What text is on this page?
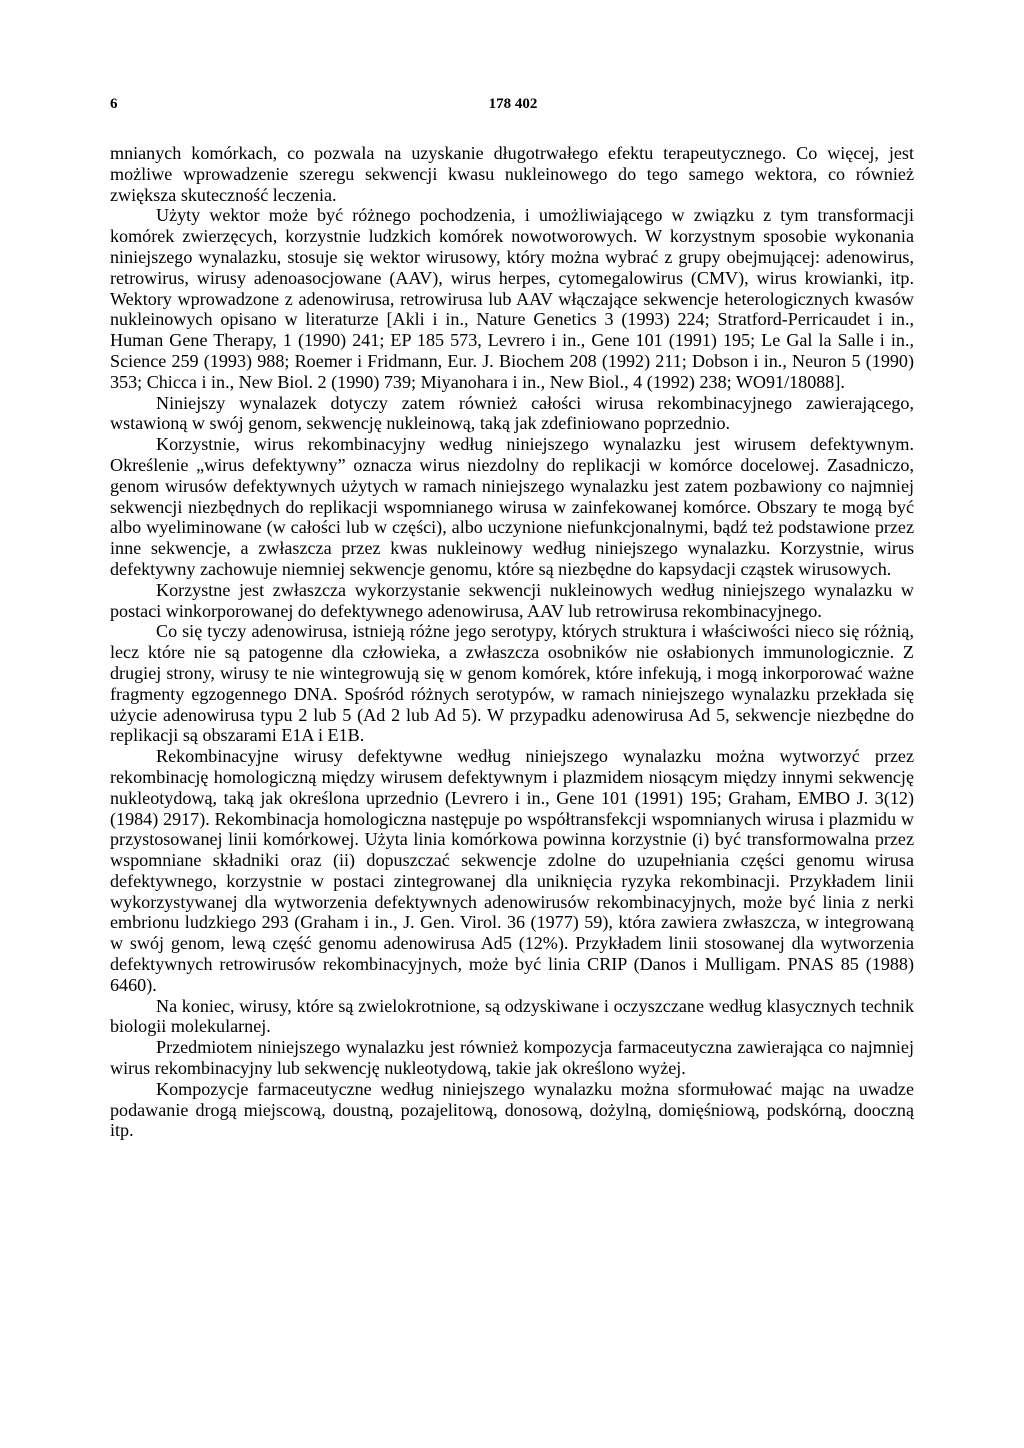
6	178 402

mnianych komórkach, co pozwala na uzyskanie długotrwałego efektu terapeutycznego. Co więcej, jest możliwe wprowadzenie szeregu sekwencji kwasu nukleinowego do tego samego wektora, co również zwiększa skuteczność leczenia.

Użyty wektor może być różnego pochodzenia, i umożliwiającego w związku z tym transformacji komórek zwierzęcych, korzystnie ludzkich komórek nowotworowych. W korzystnym sposobie wykonania niniejszego wynalazku, stosuje się wektor wirusowy, który można wybrać z grupy obejmującej: adenowirus, retrowirus, wirusy adenoasocjowane (AAV), wirus herpes, cytomegalowirus (CMV), wirus krowianki, itp. Wektory wprowadzone z adenowirusa, retrowirusa lub AAV włączające sekwencje heterologicznych kwasów nukleinowych opisano w literaturze [Akli i in., Nature Genetics 3 (1993) 224; Stratford-Perricaudet i in., Human Gene Therapy, 1 (1990) 241; EP 185 573, Levrero i in., Gene 101 (1991) 195; Le Gal la Salle i in., Science 259 (1993) 988; Roemer i Fridmann, Eur. J. Biochem 208 (1992) 211; Dobson i in., Neuron 5 (1990) 353; Chicca i in., New Biol. 2 (1990) 739; Miyanohara i in., New Biol., 4 (1992) 238; WO91/18088].

Niniejszy wynalazek dotyczy zatem również całości wirusa rekombinacyjnego zawierającego, wstawioną w swój genom, sekwencję nukleinową, taką jak zdefiniowano poprzednio.

Korzystnie, wirus rekombinacyjny według niniejszego wynalazku jest wirusem defektywnym. Określenie „wirus defektywny” oznacza wirus niezdolny do replikacji w komórce docelowej. Zasadniczo, genom wirusów defektywnych użytych w ramach niniejszego wynalazku jest zatem pozbawiony co najmniej sekwencji niezbędnych do replikacji wspomnianego wirusa w zainfekowanej komórce. Obszary te mogą być albo wyeliminowane (w całości lub w części), albo uczynione niefunkcjonalnymi, bądź też podstawione przez inne sekwencje, a zwłaszcza przez kwas nukleinowy według niniejszego wynalazku. Korzystnie, wirus defektywny zachowuje niemniej sekwencje genomu, które są niezbędne do kapsydacji cząstek wirusowych.

Korzystne jest zwłaszcza wykorzystanie sekwencji nukleinowych według niniejszego wynalazku w postaci winkorporowanej do defektywnego adenowirusa, AAV lub retrowirusa rekombinacyjnego.

Co się tyczy adenowirusa, istnieją różne jego serotypy, których struktura i właściwości nieco się różnią, lecz które nie są patogenne dla człowieka, a zwłaszcza osobników nie osłabionych immunologicznie. Z drugiej strony, wirusy te nie wintegrowują się w genom komórek, które infekują, i mogą inkorporować ważne fragmenty egzogennego DNA. Spośród różnych serotypów, w ramach niniejszego wynalazku przekłada się użycie adenowirusa typu 2 lub 5 (Ad 2 lub Ad 5). W przypadku adenowirusa Ad 5, sekwencje niezbędne do replikacji są obszarami E1A i E1B.

Rekombinacyjne wirusy defektywne według niniejszego wynalazku można wytworzyć przez rekombinację homologiczną między wirusem defektywnym i plazmidem niosącym między innymi sekwencję nukleotydową, taką jak określona uprzednio (Levrero i in., Gene 101 (1991) 195; Graham, EMBO J. 3(12) (1984) 2917). Rekombinacja homologiczna następuje po współtransfekcji wspomnianych wirusa i plazmidu w przystosowanej linii komórkowej. Użyta linia komórkowa powinna korzystnie (i) być transformowalna przez wspomniane składniki oraz (ii) dopuszczać sekwencje zdolne do uzupełniania części genomu wirusa defektywnego, korzystnie w postaci zintegrowanej dla uniknięcia ryzyka rekombinacji. Przykładem linii wykorzystywanej dla wytworzenia defektywnych adenowirusów rekombinacyjnych, może być linia z nerki embrionu ludzkiego 293 (Graham i in., J. Gen. Virol. 36 (1977) 59), która zawiera zwłaszcza, w integrowaną w swój genom, lewą część genomu adenowirusa Ad5 (12%). Przykładem linii stosowanej dla wytworzenia defektywnych retrowirusów rekombinacyjnych, może być linia CRIP (Danos i Mulligam. PNAS 85 (1988) 6460).

Na koniec, wirusy, które są zwielokrotnione, są odzyskiwane i oczyszczane według klasycznych technik biologii molekularnej.

Przedmiotem niniejszego wynalazku jest również kompozycja farmaceutyczna zawierająca co najmniej wirus rekombinacyjny lub sekwencję nukleotydową, takie jak określono wyżej.

Kompozycje farmaceutyczne według niniejszego wynalazku można sformułować mając na uwadze podawanie drogą miejscową, doustną, pozajelitową, donosową, dożylną, domięśniową, podskórną, dooczną itp.
